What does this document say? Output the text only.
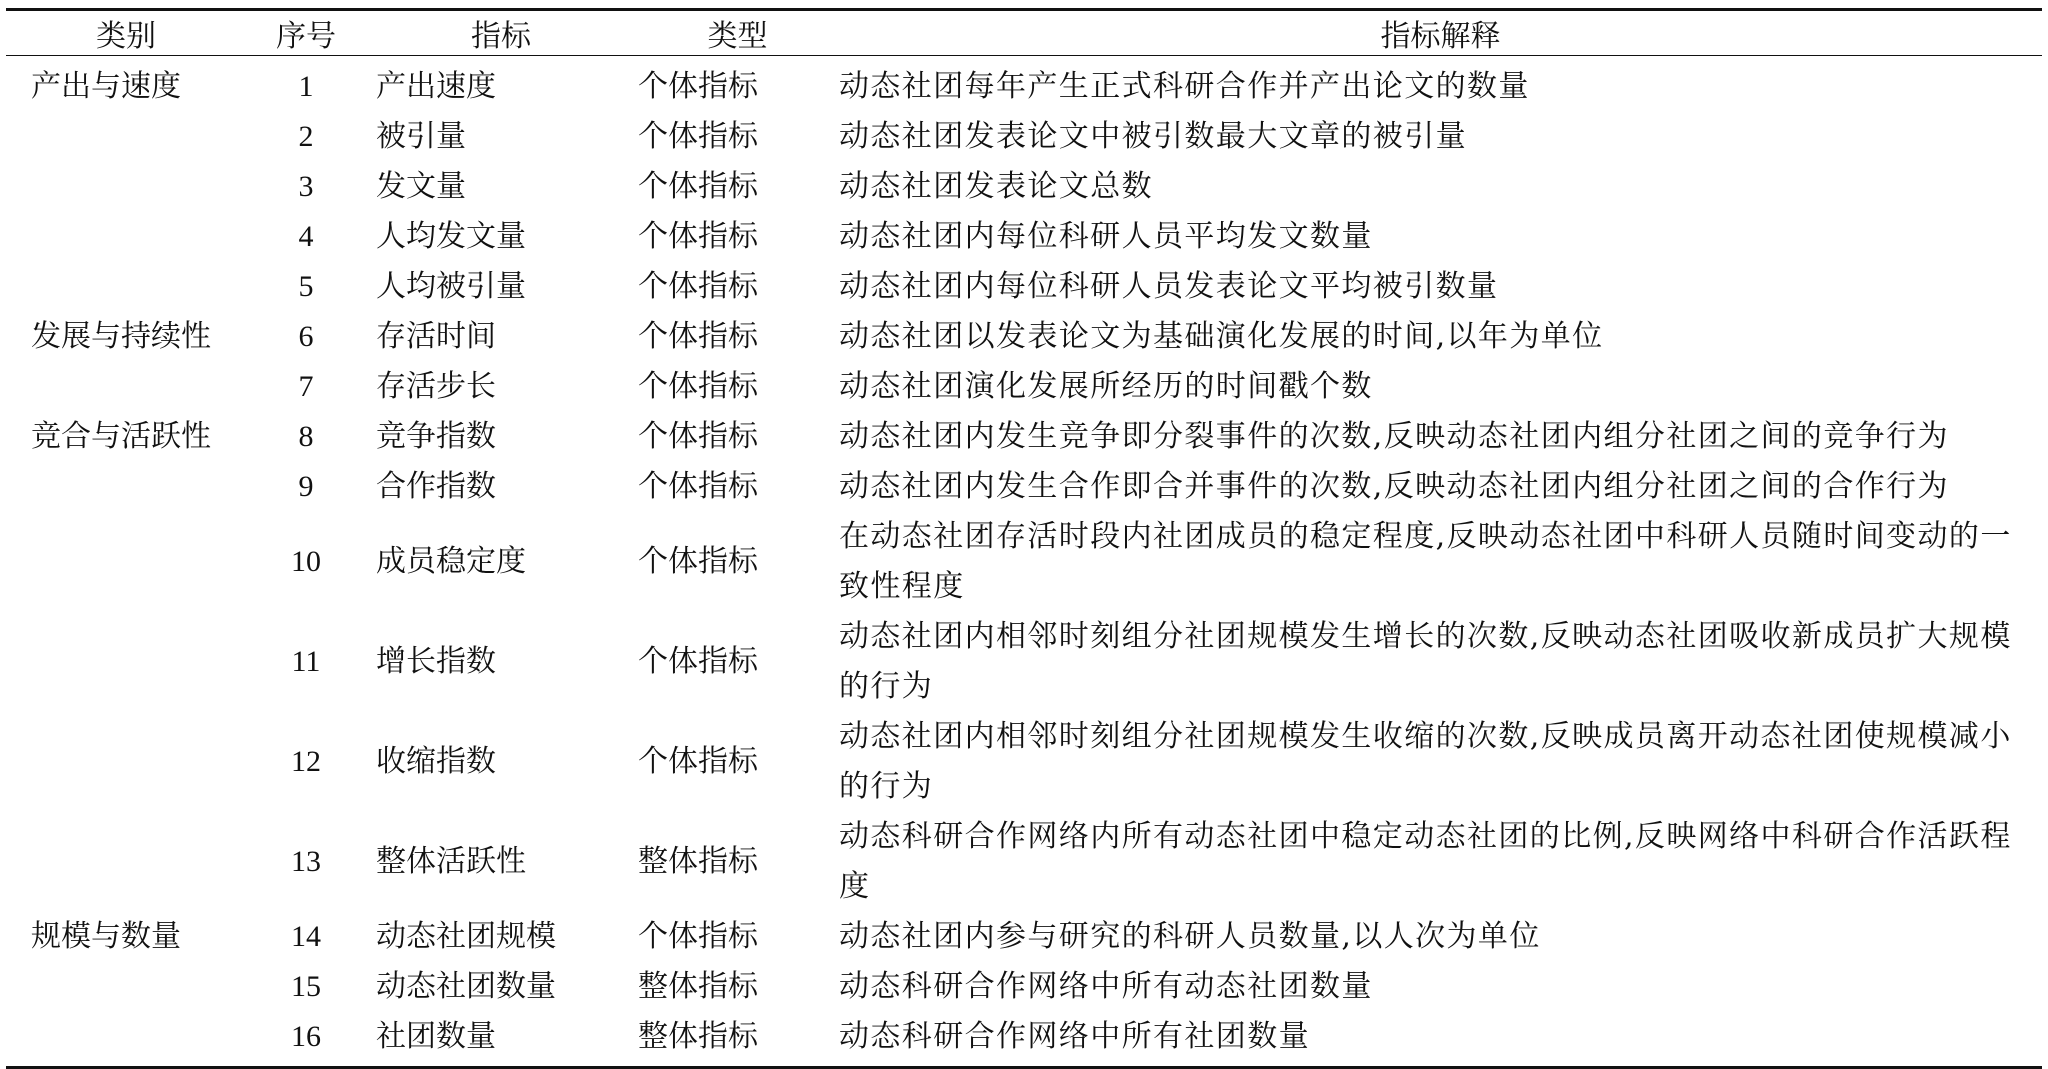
类别	序号	指标	类型	指标解释
产出与速度	1	产出速度	个体指标	动态社团每年产生正式科研合作并产出论文的数量
	2	被引量	个体指标	动态社团发表论文中被引数最大文章的被引量
	3	发文量	个体指标	动态社团发表论文总数
	4	人均发文量	个体指标	动态社团内每位科研人员平均发文数量
	5	人均被引量	个体指标	动态社团内每位科研人员发表论文平均被引数量
发展与持续性	6	存活时间	个体指标	动态社团以发表论文为基础演化发展的时间,以年为单位
	7	存活步长	个体指标	动态社团演化发展所经历的时间戳个数
竞合与活跃性	8	竞争指数	个体指标	动态社团内发生竞争即分裂事件的次数,反映动态社团内组分社团之间的竞争行为
	9	合作指数	个体指标	动态社团内发生合作即合并事件的次数,反映动态社团内组分社团之间的合作行为
	10	成员稳定度	个体指标	在动态社团存活时段内社团成员的稳定程度,反映动态社团中科研人员随时间变动的一致性程度
	11	增长指数	个体指标	动态社团内相邻时刻组分社团规模发生增长的次数,反映动态社团吸收新成员扩大规模的行为
	12	收缩指数	个体指标	动态社团内相邻时刻组分社团规模发生收缩的次数,反映成员离开动态社团使规模减小的行为
	13	整体活跃性	整体指标	动态科研合作网络内所有动态社团中稳定动态社团的比例,反映网络中科研合作活跃程度
规模与数量	14	动态社团规模	个体指标	动态社团内参与研究的科研人员数量,以人次为单位
	15	动态社团数量	整体指标	动态科研合作网络中所有动态社团数量
	16	社团数量	整体指标	动态科研合作网络中所有社团数量
